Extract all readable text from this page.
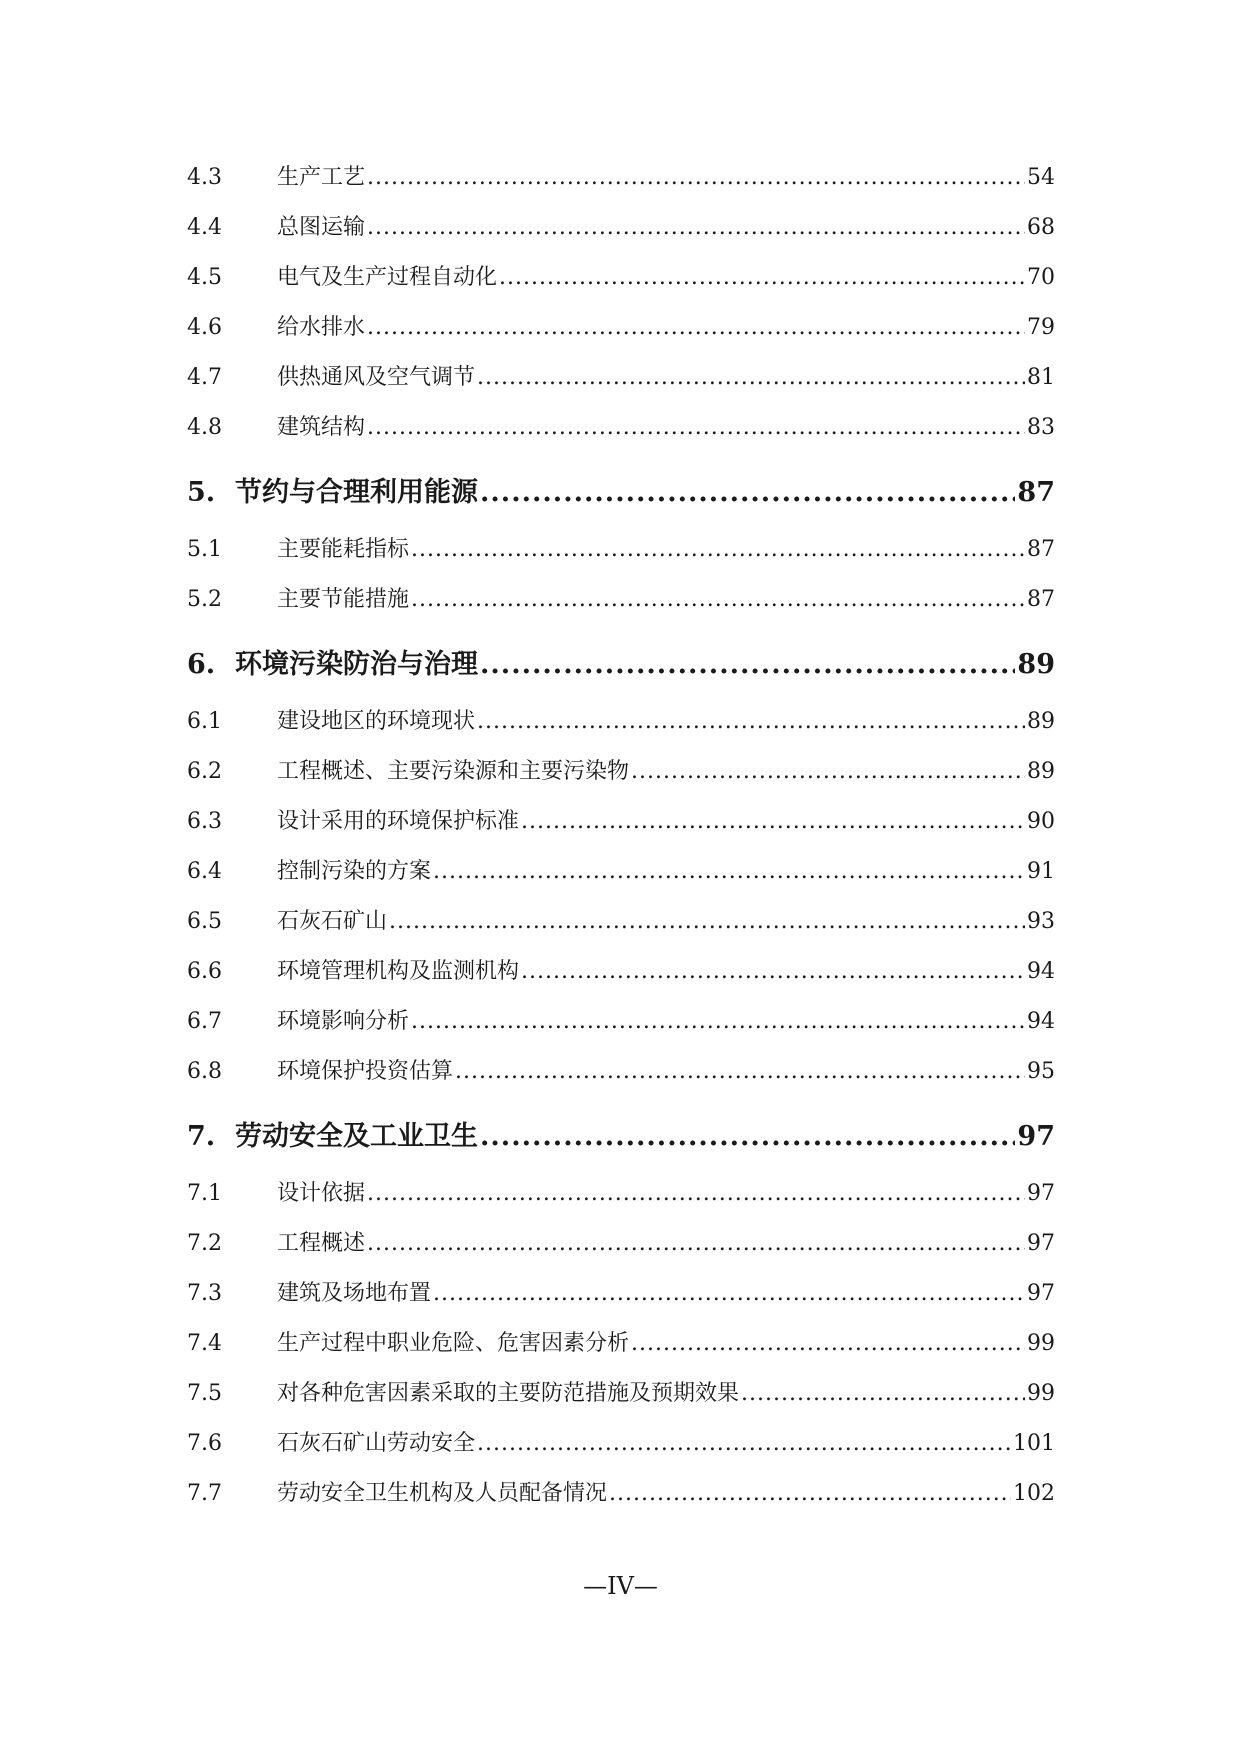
4.3	生产工艺 .....	54
4.4	总图运输 .....	68
4.5	电气及生产过程自动化 .....	70
4.6	给水排水 .....	79
4.7	供热通风及空气调节 .....	81
4.8	建筑结构 .....	83
5. 节约与合理利用能源 .....	87
5.1	主要能耗指标 .....	87
5.2	主要节能措施 .....	87
6. 环境污染防治与治理 .....	89
6.1	建设地区的环境现状 .....	89
6.2	工程概述、主要污染源和主要污染物 .....	89
6.3	设计采用的环境保护标准 .....	90
6.4	控制污染的方案 .....	91
6.5	石灰石矿山 .....	93
6.6	环境管理机构及监测机构 .....	94
6.7	环境影响分析 .....	94
6.8	环境保护投资估算 .....	95
7. 劳动安全及工业卫生 .....	97
7.1	设计依据 .....	97
7.2	工程概述 .....	97
7.3	建筑及场地布置 .....	97
7.4	生产过程中职业危险、危害因素分析 .....	99
7.5	对各种危害因素采取的主要防范措施及预期效果 .....	99
7.6	石灰石矿山劳动安全 .....	101
7.7	劳动安全卫生机构及人员配备情况 .....	102
—IV—
